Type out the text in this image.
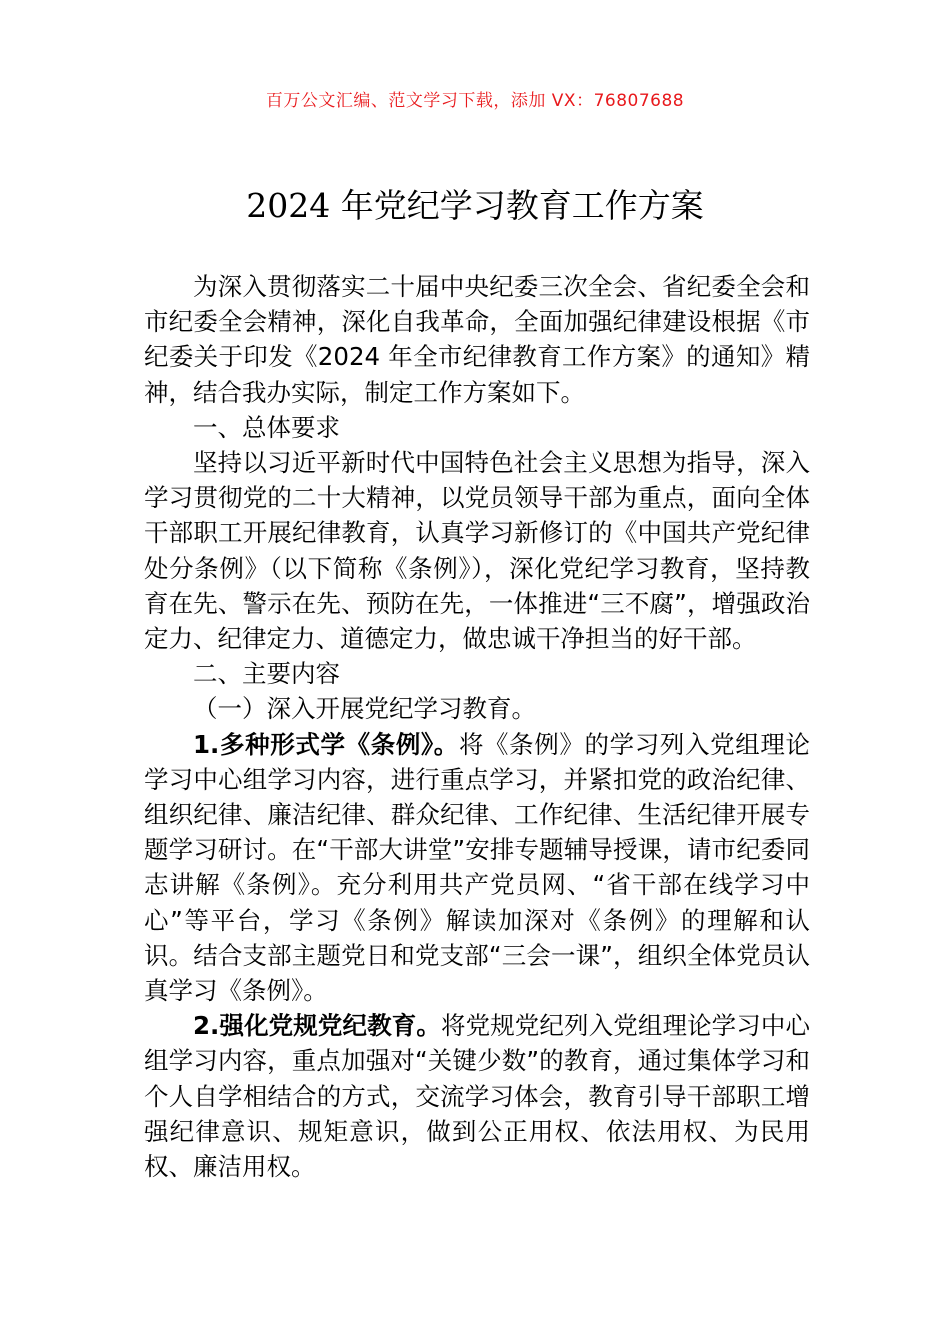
百万公文汇编、范文学习下载，添加 VX：76807688
2024 年党纪学习教育工作方案

为深入贯彻落实二十届中央纪委三次全会、省纪委全会和市纪委全会精神，深化自我革命，全面加强纪律建设根据《市纪委关于印发《2024 年全市纪律教育工作方案》的通知》精神，结合我办实际，制定工作方案如下。

一、总体要求

坚持以习近平新时代中国特色社会主义思想为指导，深入学习贯彻党的二十大精神，以党员领导干部为重点，面向全体干部职工开展纪律教育，认真学习新修订的《中国共产党纪律处分条例》（以下简称《条例》），深化党纪学习教育，坚持教育在先、警示在先、预防在先，一体推进“三不腐”，增强政治定力、纪律定力、道德定力，做忠诚干净担当的好干部。

二、主要内容

（一）深入开展党纪学习教育。

1.多种形式学《条例》。将《条例》的学习列入党组理论学习中心组学习内容，进行重点学习，并紧扣党的政治纪律、组织纪律、廉洁纪律、群众纪律、工作纪律、生活纪律开展专题学习研讨。在“干部大讲堂”安排专题辅导授课，请市纪委同志讲解《条例》。充分利用共产党员网、“省干部在线学习中心”等平台，学习《条例》解读加深对《条例》的理解和认识。结合支部主题党日和党支部“三会一课”，组织全体党员认真学习《条例》。

2.强化党规党纪教育。将党规党纪列入党组理论学习中心组学习内容，重点加强对“关键少数”的教育，通过集体学习和个人自学相结合的方式，交流学习体会，教育引导干部职工增强纪律意识、规矩意识，做到公正用权、依法用权、为民用权、廉洁用权。
